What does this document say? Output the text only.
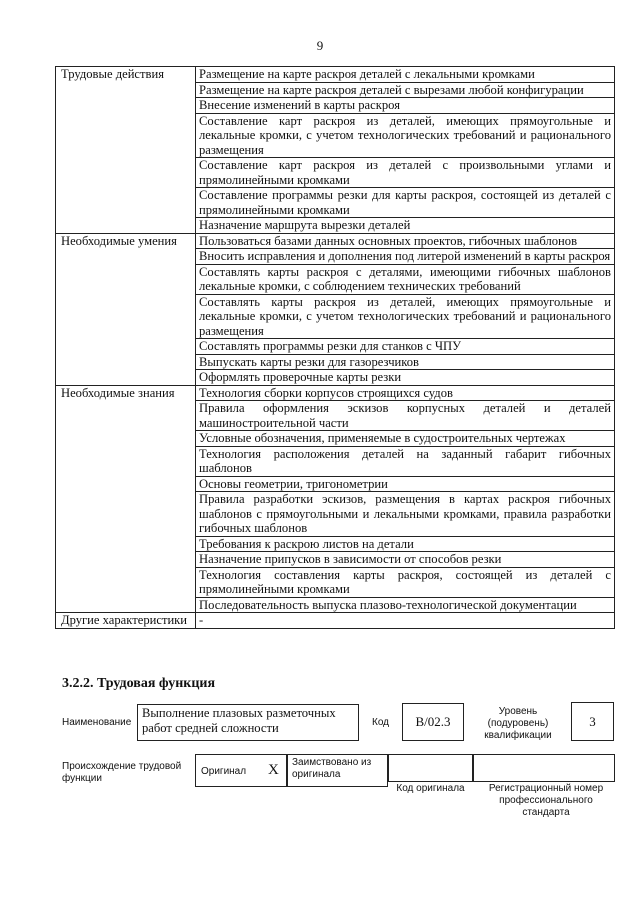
9
Трудовые действия	Размещение на карте раскроя деталей с лекальными кромками
	Размещение на карте раскроя деталей с вырезами любой конфигурации
	Внесение изменений в карты раскроя
	Составление карт раскроя из деталей, имеющих прямоугольные и лекальные кромки, с учетом технологических требований и рационального размещения
	Составление карт раскроя из деталей с произвольными углами и прямолинейными кромками
	Составление программы резки для карты раскроя, состоящей из деталей с прямолинейными кромками
	Назначение маршрута вырезки деталей
Необходимые умения	Пользоваться базами данных основных проектов, гибочных шаблонов
	Вносить исправления и дополнения под литерой изменений в карты раскроя
	Составлять карты раскроя с деталями, имеющими гибочных шаблонов лекальные кромки, с соблюдением технических требований
	Составлять карты раскроя из деталей, имеющих прямоугольные и лекальные кромки, с учетом технологических требований и рационального размещения
	Составлять программы резки для станков с ЧПУ
	Выпускать карты резки для газорезчиков
	Оформлять проверочные карты резки
Необходимые знания	Технология сборки корпусов строящихся судов
	Правила оформления эскизов корпусных деталей и деталей машиностроительной части
	Условные обозначения, применяемые в судостроительных чертежах
	Технология расположения деталей на заданный габарит гибочных шаблонов
	Основы геометрии, тригонометрии
	Правила разработки эскизов, размещения в картах раскроя гибочных шаблонов с прямоугольными и лекальными кромками, правила разработки гибочных шаблонов
	Требования к раскрою листов на детали
	Назначение припусков в зависимости от способов резки
	Технология составления карты раскроя, состоящей из деталей с прямолинейными кромками
	Последовательность выпуска плазово-технологической документации
Другие характеристики	-
3.2.2. Трудовая функция
Наименование
Выполнение плазовых разметочных работ средней сложности	Код	B/02.3
Уровень (подуровень) квалификации
3
Происхождение трудовой функции
Оригинал X Заимствовано из оригинала
Код оригинала	Регистрационный номер профессионального стандарта
